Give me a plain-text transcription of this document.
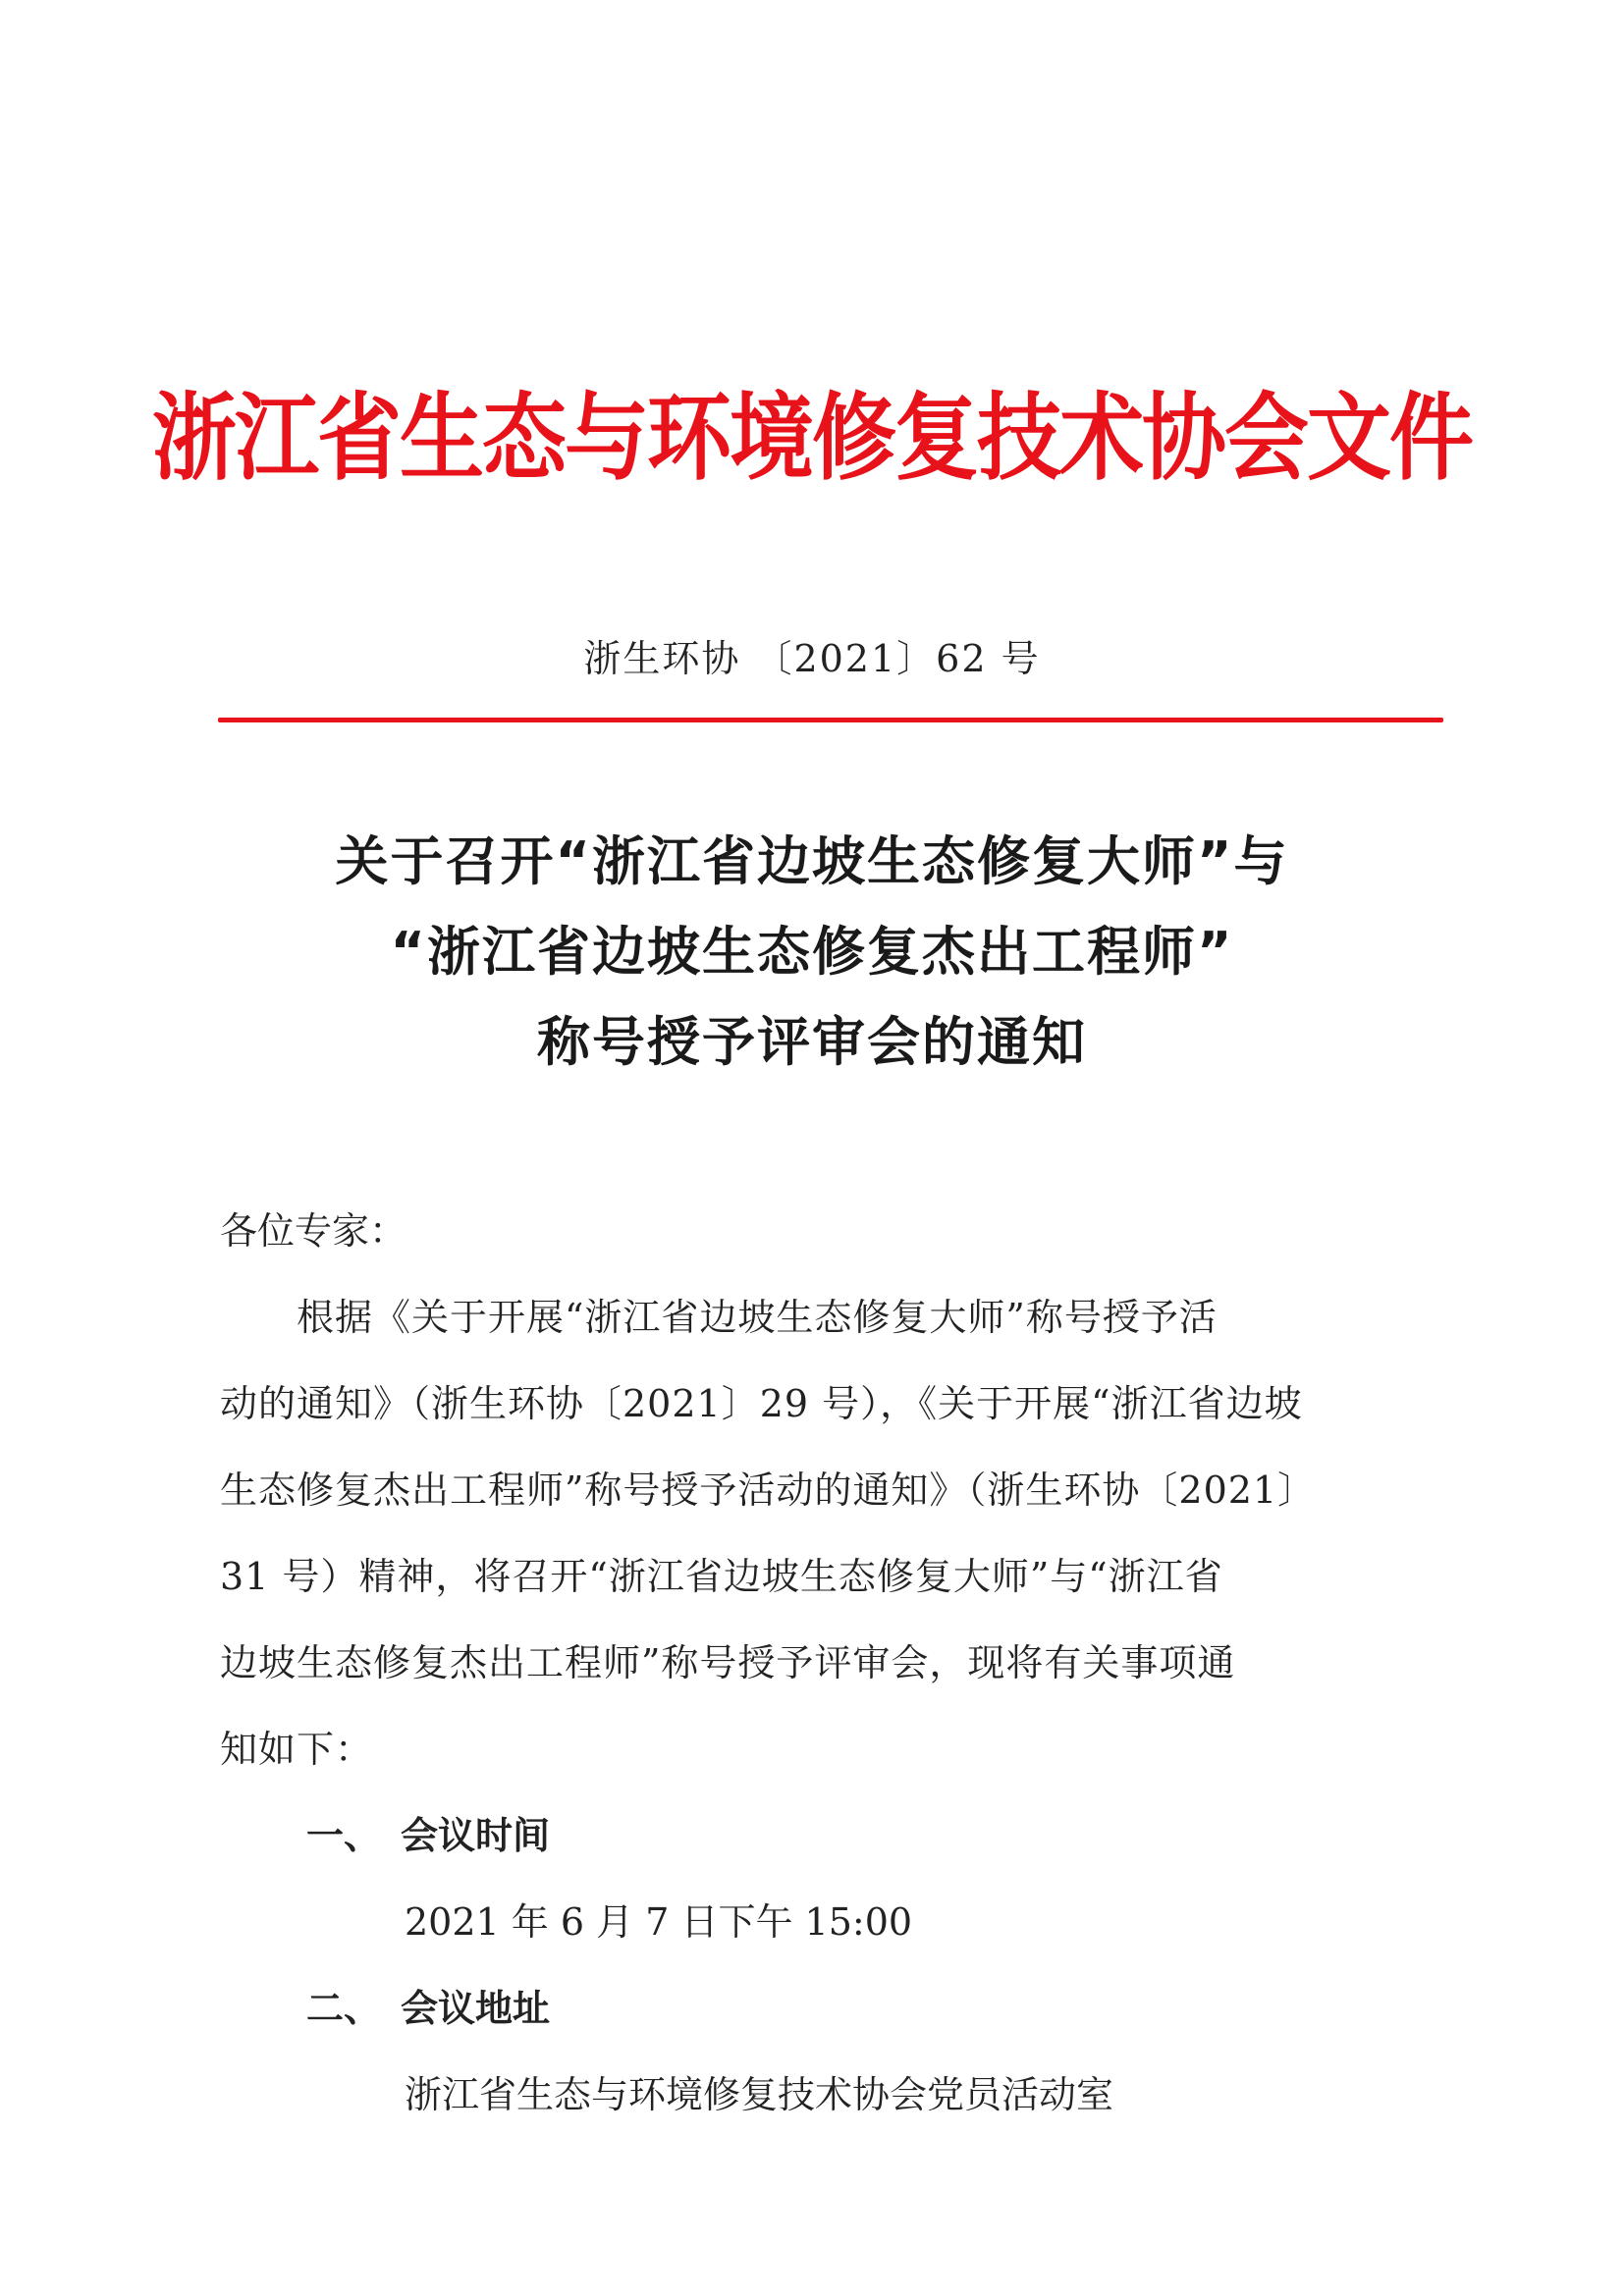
浙江省生态与环境修复技术协会文件
浙生环协 〔2021〕62 号
关于召开“浙江省边坡生态修复大师”与
“浙江省边坡生态修复杰出工程师”
称号授予评审会的通知
各位专家：
　　根据《关于开展“浙江省边坡生态修复大师”称号授予活
动的通知》（浙生环协〔2021〕29 号），《关于开展“浙江省边坡
生态修复杰出工程师”称号授予活动的通知》（浙生环协〔2021〕
31 号）精神，将召开“浙江省边坡生态修复大师”与“浙江省
边坡生态修复杰出工程师”称号授予评审会，现将有关事项通
知如下：
一、 会议时间
2021 年 6 月 7 日下午 15:00
二、 会议地址
浙江省生态与环境修复技术协会党员活动室
